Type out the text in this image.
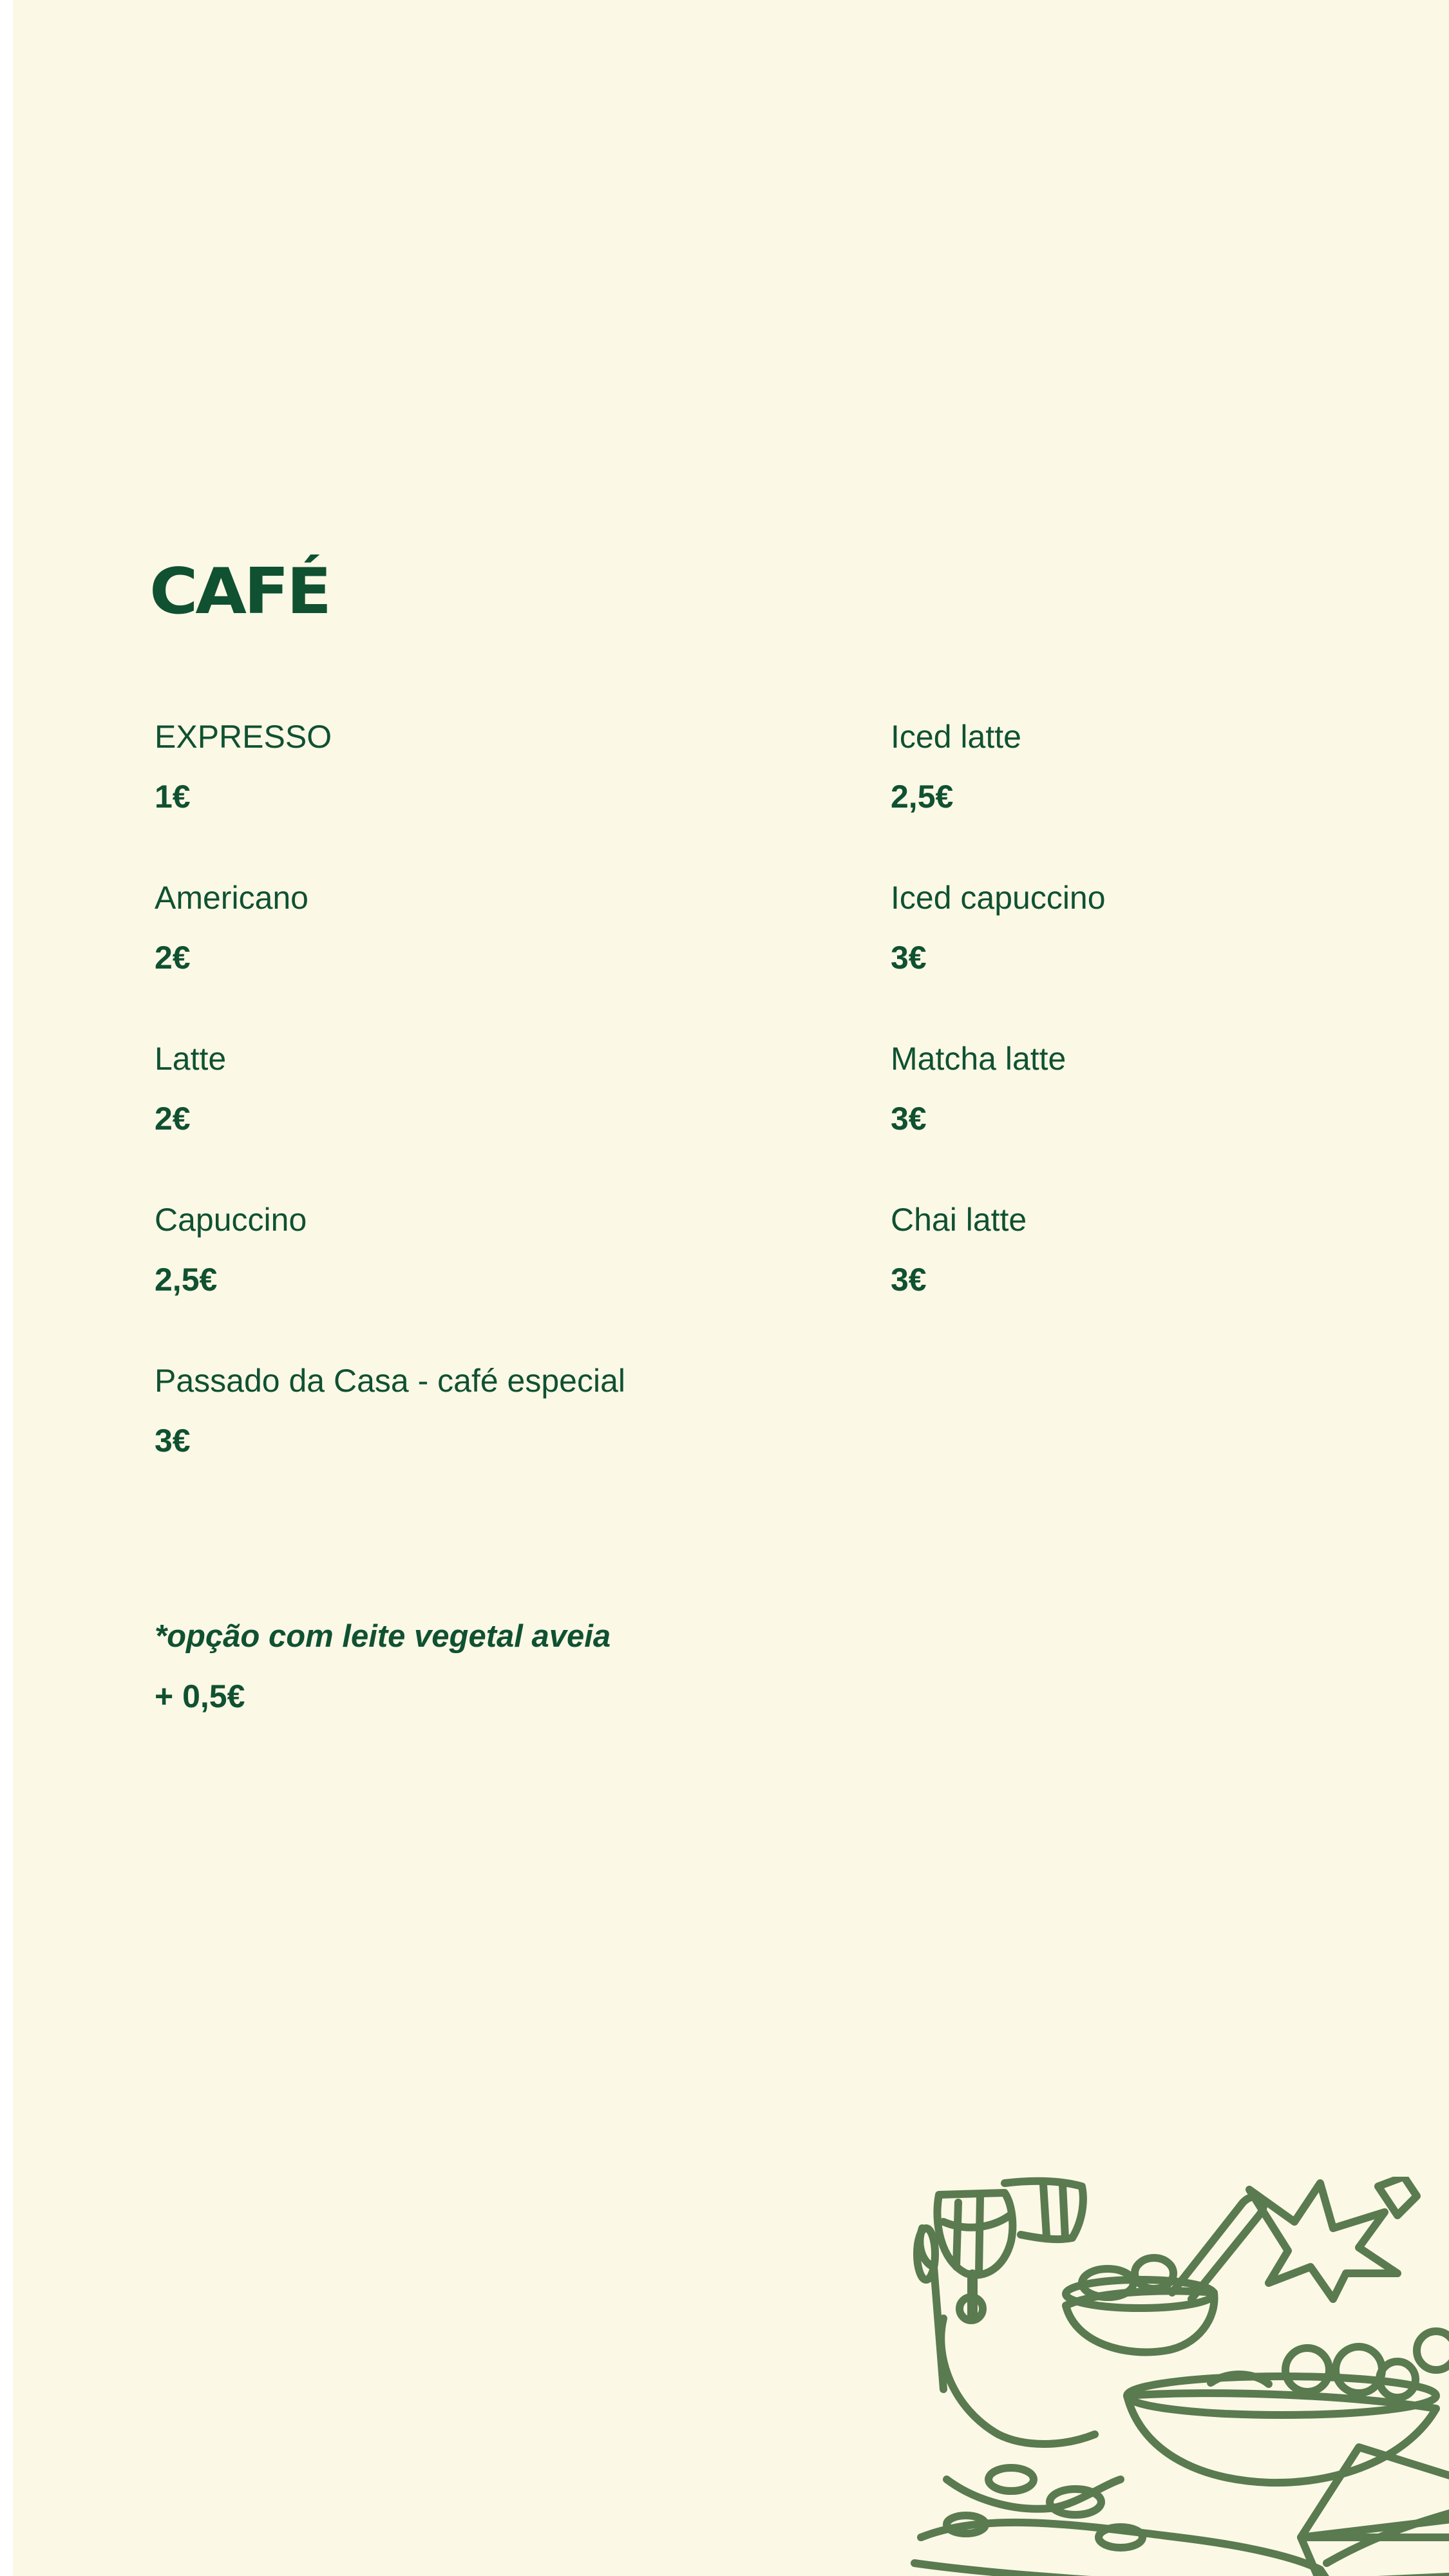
CAFÉ
EXPRESSO
1€
Americano
2€
Latte
2€
Capuccino
2,5€
Passado da Casa - café especial
3€
Iced latte
2,5€
Iced capuccino
3€
Matcha latte
3€
Chai latte
3€
*opção com leite vegetal aveia
+ 0,5€
